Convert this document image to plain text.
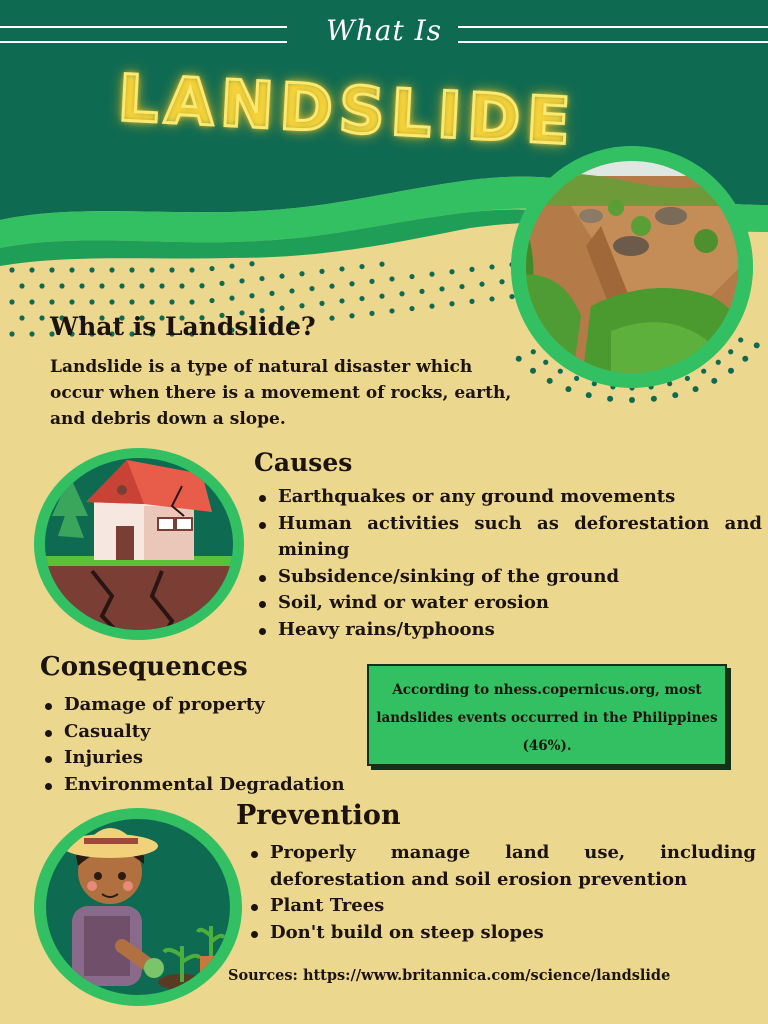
What Is
LANDSLIDE
What is Landslide?

Landslide is a type of natural disaster which occur when there is a movement of rocks, earth, and debris down a slope.

Causes
Earthquakes or any ground movements
Human activities such as deforestation and mining
Subsidence/sinking of the ground
Soil, wind or water erosion
Heavy rains/typhoons
Consequences
Damage of property
Casualty
Injuries
Environmental Degradation

According to nhess.copernicus.org, most landslides events occurred in the Philippines (46%).

Prevention
Properly manage land use, including deforestation and soil erosion prevention
Plant Trees
Don't build on steep slopes
Sources: https://www.britannica.com/science/landslide
